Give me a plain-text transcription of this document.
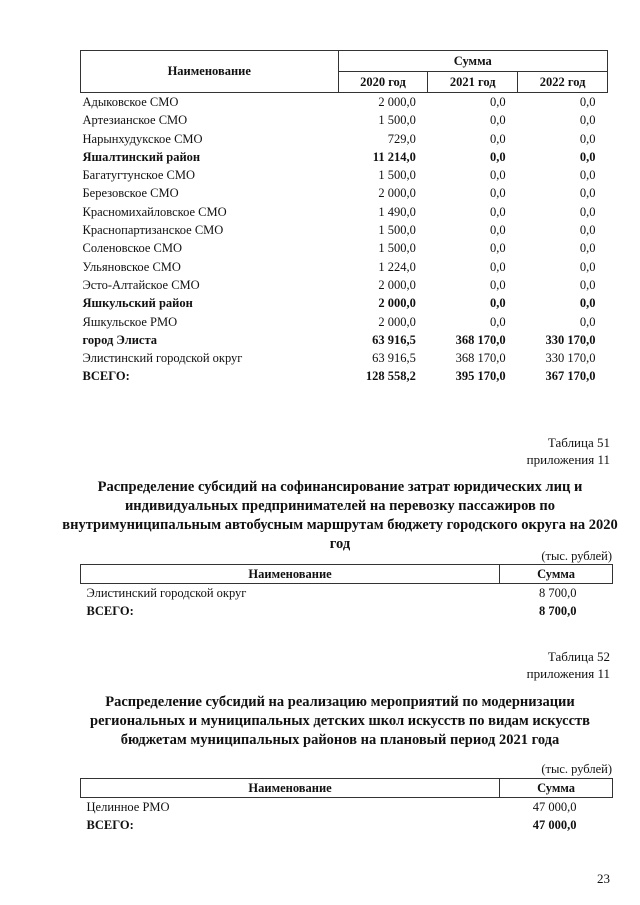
Наименование	Сумма		
	2020 год	2021 год	2022 год
Адыковское СМО	2 000,0	0,0	0,0
Артезианское СМО	1 500,0	0,0	0,0
Нарынхудукское СМО	729,0	0,0	0,0
Яшалтинский район	11 214,0	0,0	0,0
Багатугтунское СМО	1 500,0	0,0	0,0
Березовское СМО	2 000,0	0,0	0,0
Красномихайловское СМО	1 490,0	0,0	0,0
Краснопартизанское СМО	1 500,0	0,0	0,0
Соленовское СМО	1 500,0	0,0	0,0
Ульяновское СМО	1 224,0	0,0	0,0
Эсто-Алтайское СМО	2 000,0	0,0	0,0
Яшкульский район	2 000,0	0,0	0,0
Яшкульское РМО	2 000,0	0,0	0,0
город Элиста	63 916,5	368 170,0	330 170,0
Элистинский городской округ	63 916,5	368 170,0	330 170,0
ВСЕГО:	128 558,2	395 170,0	367 170,0
Таблица 51
приложения 11
Распределение субсидий на софинансирование затрат юридических лиц и индивидуальных предпринимателей на перевозку пассажиров по внутримуниципальным автобусным маршрутам бюджету городского округа на 2020 год
(тыс. рублей)
Наименование	Сумма
Элистинский городской округ	8 700,0
ВСЕГО:	8 700,0
Таблица 52
приложения 11
Распределение субсидий на реализацию мероприятий по модернизации региональных и муниципальных детских школ искусств по видам искусств бюджетам муниципальных районов на плановый период 2021 года
(тыс. рублей)
Наименование	Сумма
Целинное РМО	47 000,0
ВСЕГО:	47 000,0
23
